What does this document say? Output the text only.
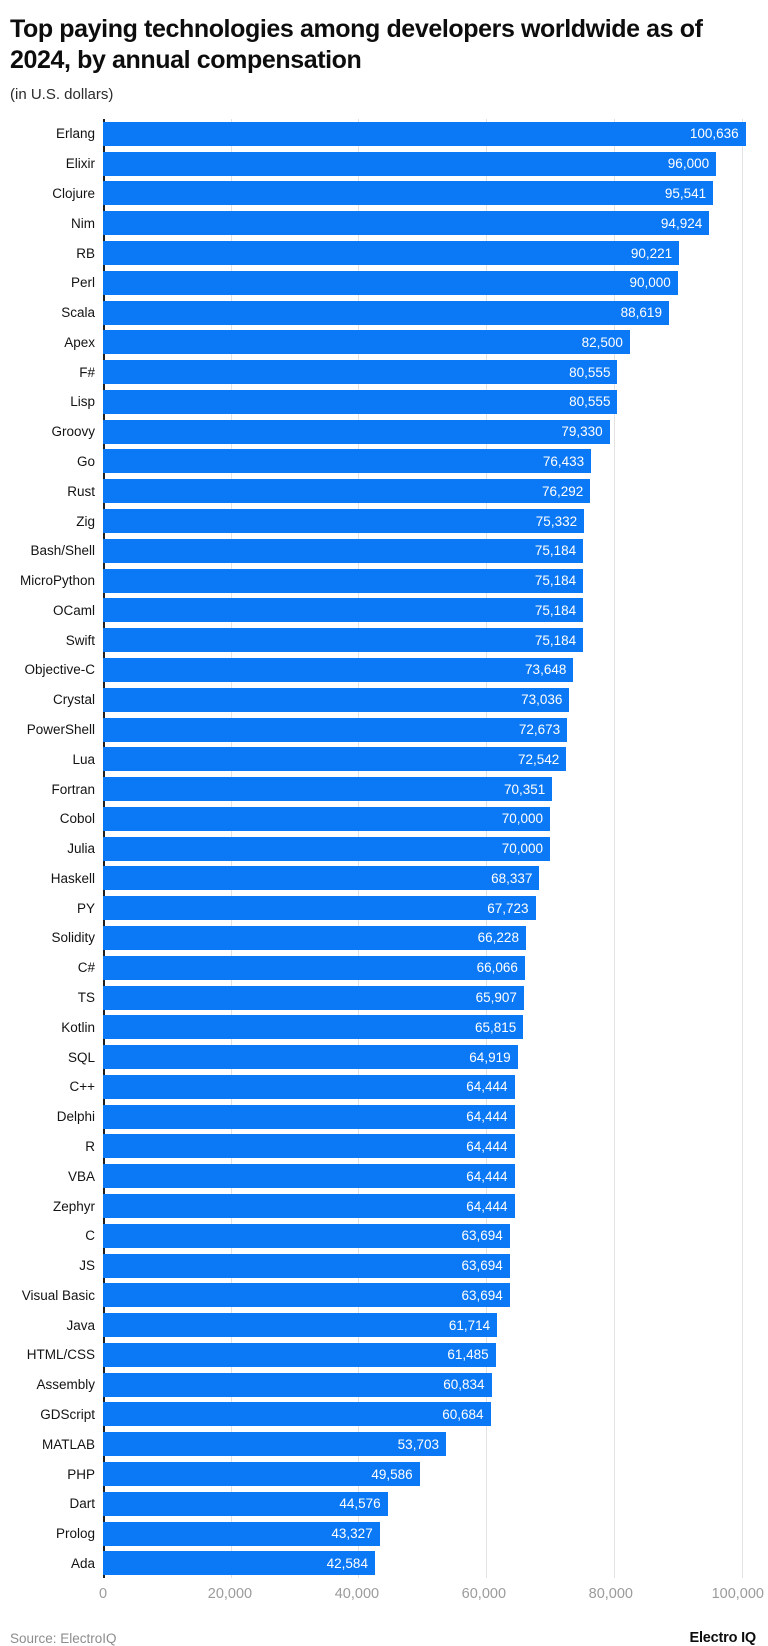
Top paying technologies among developers worldwide as of 2024, by annual compensation
(in U.S. dollars)
Erlang	100,636
Elixir	96,000
Clojure	95,541
Nim	94,924
RB	90,221
Perl	90,000
Scala	88,619
Apex	82,500
F#	80,555
Lisp	80,555
Groovy	79,330
Go	76,433
Rust	76,292
Zig	75,332
Bash/Shell	75,184
MicroPython	75,184
OCaml	75,184
Swift	75,184
Objective-C	73,648
Crystal	73,036
PowerShell	72,673
Lua	72,542
Fortran	70,351
Cobol	70,000
Julia	70,000
Haskell	68,337
PY	67,723
Solidity	66,228
C#	66,066
TS	65,907
Kotlin	65,815
SQL	64,919
C++	64,444
Delphi	64,444
R	64,444
VBA	64,444
Zephyr	64,444
C	63,694
JS	63,694
Visual Basic	63,694
Java	61,714
HTML/CSS	61,485
Assembly	60,834
GDScript	60,684
MATLAB	53,703
PHP	49,586
Dart	44,576
Prolog	43,327
Ada	42,584
0	20,000	40,000	60,000	80,000	100,000
Source: ElectroIQ	Electro IQ
